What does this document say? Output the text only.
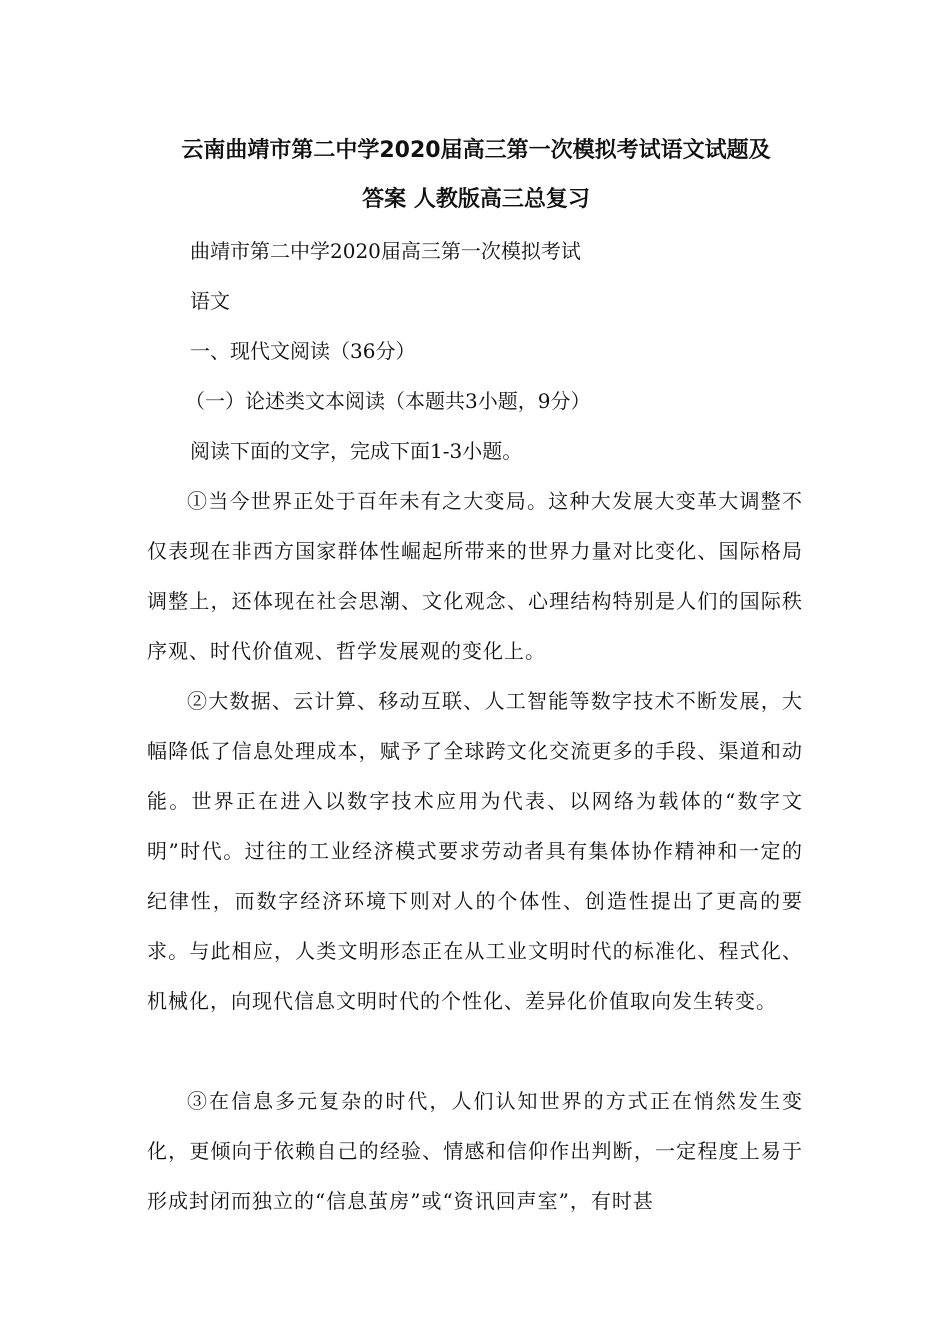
云南曲靖市第二中学2020届高三第一次模拟考试语文试题及
答案 人教版高三总复习
曲靖市第二中学2020届高三第一次模拟考试
语文
一、现代文阅读（36分）
（一）论述类文本阅读（本题共3小题，9分）
阅读下面的文字，完成下面1-3小题。
①当今世界正处于百年未有之大变局。这种大发展大变革大调整不仅表现在非西方国家群体性崛起所带来的世界力量对比变化、国际格局调整上，还体现在社会思潮、文化观念、心理结构特别是人们的国际秩序观、时代价值观、哲学发展观的变化上。
②大数据、云计算、移动互联、人工智能等数字技术不断发展，大幅降低了信息处理成本，赋予了全球跨文化交流更多的手段、渠道和动能。世界正在进入以数字技术应用为代表、以网络为载体的“数字文明”时代。过往的工业经济模式要求劳动者具有集体协作精神和一定的纪律性，而数字经济环境下则对人的个体性、创造性提出了更高的要求。与此相应，人类文明形态正在从工业文明时代的标准化、程式化、机械化，向现代信息文明时代的个性化、差异化价值取向发生转变。
③在信息多元复杂的时代，人们认知世界的方式正在悄然发生变化，更倾向于依赖自己的经验、情感和信仰作出判断，一定程度上易于形成封闭而独立的“信息茧房”或“资讯回声室”，有时甚
